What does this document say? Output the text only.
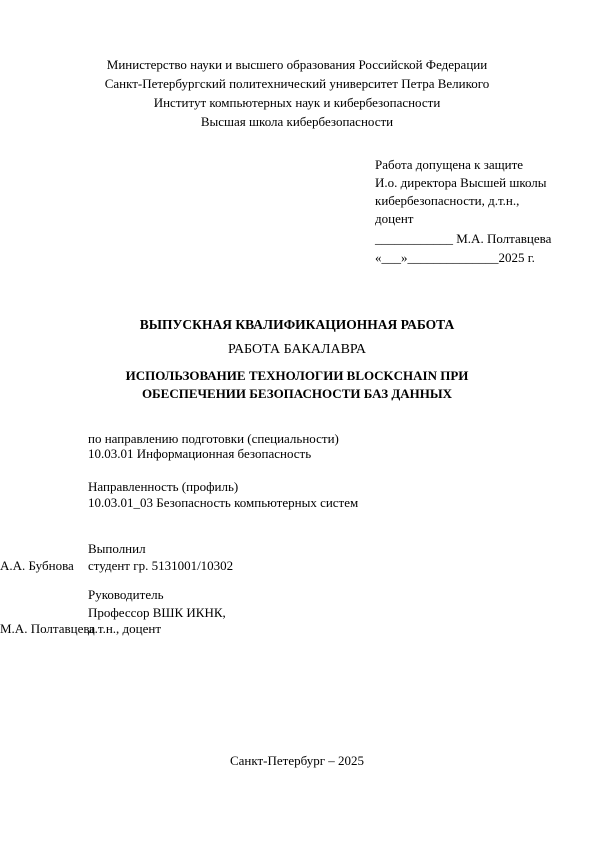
Министерство науки и высшего образования Российской Федерации
Санкт-Петербургский политехнический университет Петра Великого
Институт компьютерных наук и кибербезопасности
Высшая школа кибербезопасности
Работа допущена к защите
И.о. директора Высшей школы
кибербезопасности, д.т.н.,
доцент
____________ М.А. Полтавцева
«___»______________2025 г.
ВЫПУСКНАЯ КВАЛИФИКАЦИОННАЯ РАБОТА
РАБОТА БАКАЛАВРА
ИСПОЛЬЗОВАНИЕ ТЕХНОЛОГИИ BLOCKCHAIN ПРИ
ОБЕСПЕЧЕНИИ БЕЗОПАСНОСТИ БАЗ ДАННЫХ
по направлению подготовки (специальности)
10.03.01 Информационная безопасность
Направленность (профиль)
10.03.01_03 Безопасность компьютерных систем
Выполнил
студент гр. 5131001/10302
А.А. Бубнова
Руководитель
Профессор ВШК ИКНК,
д.т.н., доцент
М.А. Полтавцева
Санкт-Петербург – 2025
